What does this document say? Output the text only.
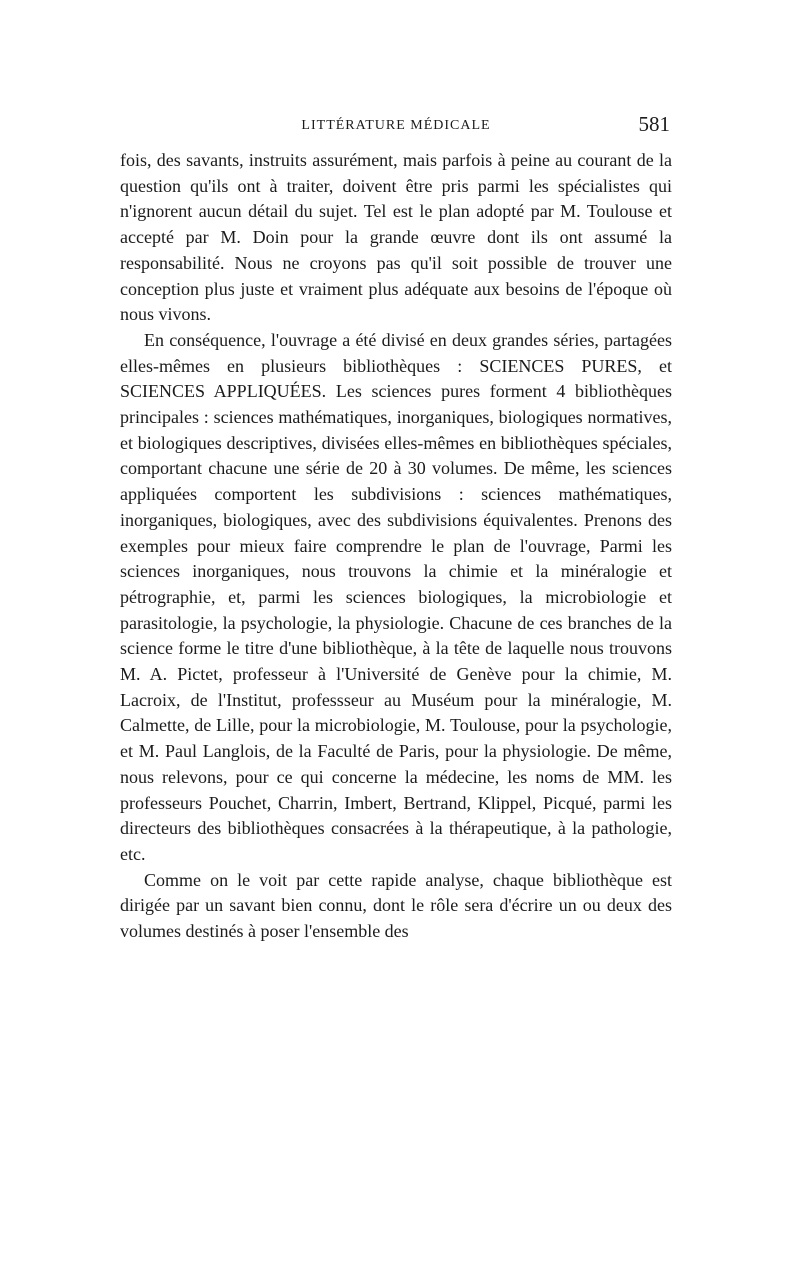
LITTÉRATURE MÉDICALE	581

fois, des savants, instruits assurément, mais parfois à peine au courant de la question qu'ils ont à traiter, doivent être pris parmi les spécialistes qui n'ignorent aucun détail du sujet. Tel est le plan adopté par M. Toulouse et accepté par M. Doin pour la grande œuvre dont ils ont assumé la responsabilité. Nous ne croyons pas qu'il soit possible de trouver une conception plus juste et vraiment plus adéquate aux besoins de l'époque où nous vivons.

En conséquence, l'ouvrage a été divisé en deux grandes séries, partagées elles-mêmes en plusieurs bibliothèques : SCIENCES PURES, et SCIENCES APPLIQUÉES. Les sciences pures forment 4 bibliothèques principales : sciences mathématiques, inorganiques, biologiques normatives, et biologiques descriptives, divisées elles-mêmes en bibliothèques spéciales, comportant chacune une série de 20 à 30 volumes. De même, les sciences appliquées comportent les subdivisions : sciences mathématiques, inorganiques, biologiques, avec des subdivisions équivalentes. Prenons des exemples pour mieux faire comprendre le plan de l'ouvrage, Parmi les sciences inorganiques, nous trouvons la chimie et la minéralogie et pétrographie, et, parmi les sciences biologiques, la microbiologie et parasitologie, la psychologie, la physiologie. Chacune de ces branches de la science forme le titre d'une bibliothèque, à la tête de laquelle nous trouvons M. A. Pictet, professeur à l'Université de Genève pour la chimie, M. Lacroix, de l'Institut, professseur au Muséum pour la minéralogie, M. Calmette, de Lille, pour la microbiologie, M. Toulouse, pour la psychologie, et M. Paul Langlois, de la Faculté de Paris, pour la physiologie. De même, nous relevons, pour ce qui concerne la médecine, les noms de MM. les professeurs Pouchet, Charrin, Imbert, Bertrand, Klippel, Picqué, parmi les directeurs des bibliothèques consacrées à la thérapeutique, à la pathologie, etc.

Comme on le voit par cette rapide analyse, chaque bibliothèque est dirigée par un savant bien connu, dont le rôle sera d'écrire un ou deux des volumes destinés à poser l'ensemble des
